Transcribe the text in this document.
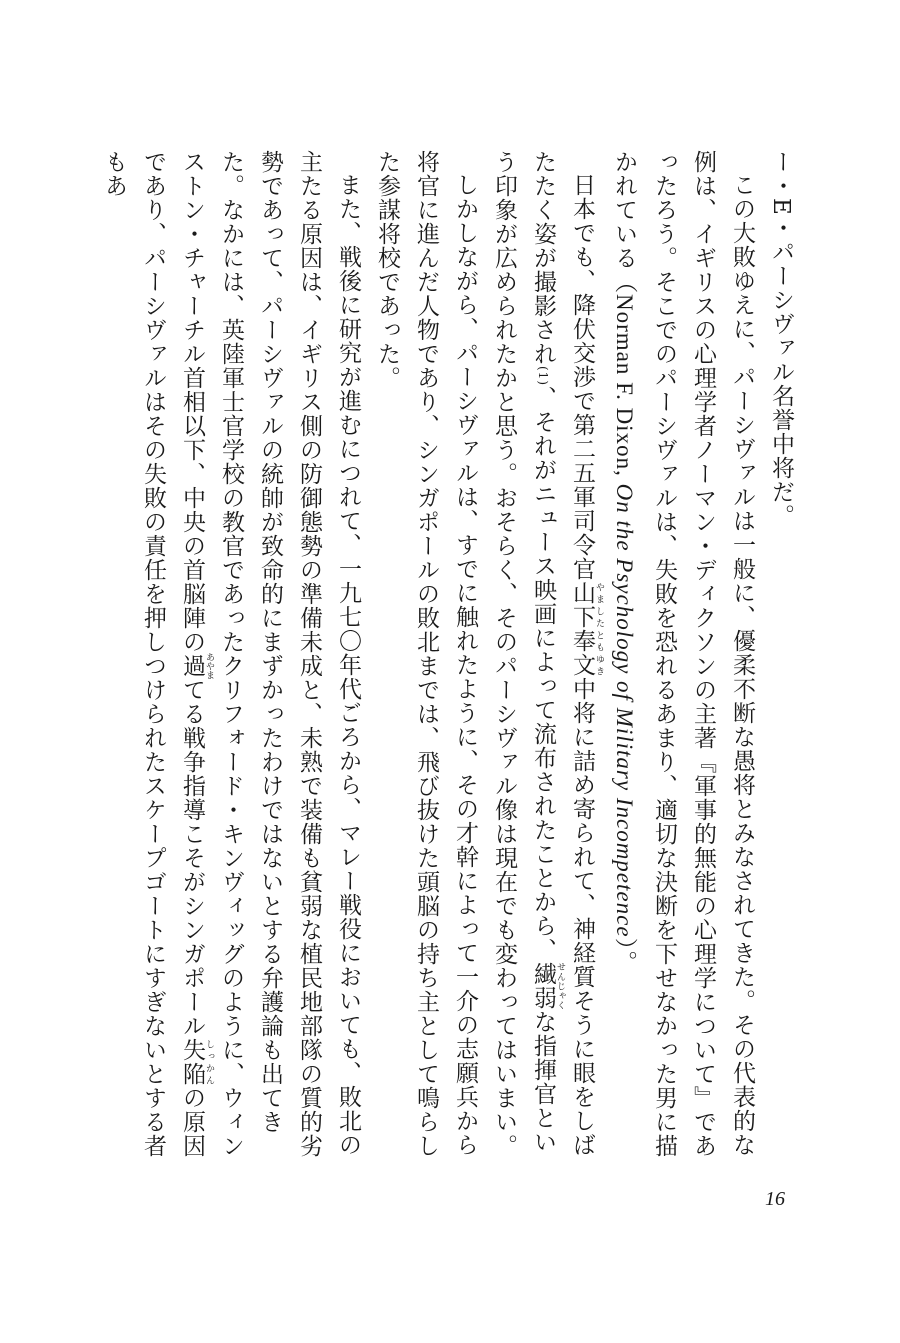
ー・E・パーシヴァル名誉中将だ。

この大敗ゆえに、パーシヴァルは一般に、優柔不断な愚将とみなされてきた。その代表的な例は、イギリスの心理学者ノーマン・ディクソンの主著『軍事的無能の心理学について』であったろう。そこでのパーシヴァルは、失敗を恐れるあまり、適切な決断を下せなかった男に描かれている（Norman F. Dixon, On the Psychology of Military Incompetence）。

日本でも、降伏交渉で第二五軍司令官山下奉文 やましたともゆき中将に詰め寄られて、神経質そうに眼をしばたたく姿が撮影され(1)、それがニュース映画によって流布されたことから、繊弱 せんじゃくな指揮官という印象が広められたかと思う。おそらく、そのパーシヴァル像は現在でも変わってはいまい。

しかしながら、パーシヴァルは、すでに触れたように、その才幹によって一介の志願兵から将官に進んだ人物であり、シンガポールの敗北までは、飛び抜けた頭脳の持ち主として鳴らした参謀将校であった。

また、戦後に研究が進むにつれて、一九七〇年代ごろから、マレー戦役においても、敗北の主たる原因は、イギリス側の防御態勢の準備未成と、未熟で装備も貧弱な植民地部隊の質的劣勢であって、パーシヴァルの統帥が致命的にまずかったわけではないとする弁護論も出てきた。なかには、英陸軍士官学校の教官であったクリフォード・キンヴィッグのように、ウィンストン・チャーチル首相以下、中央の首脳陣の過 あやまてる戦争指導こそがシンガポール失陥 しっかんの原因であり、パーシヴァルはその失敗の責任を押しつけられたスケープゴートにすぎないとする者もあ

16
